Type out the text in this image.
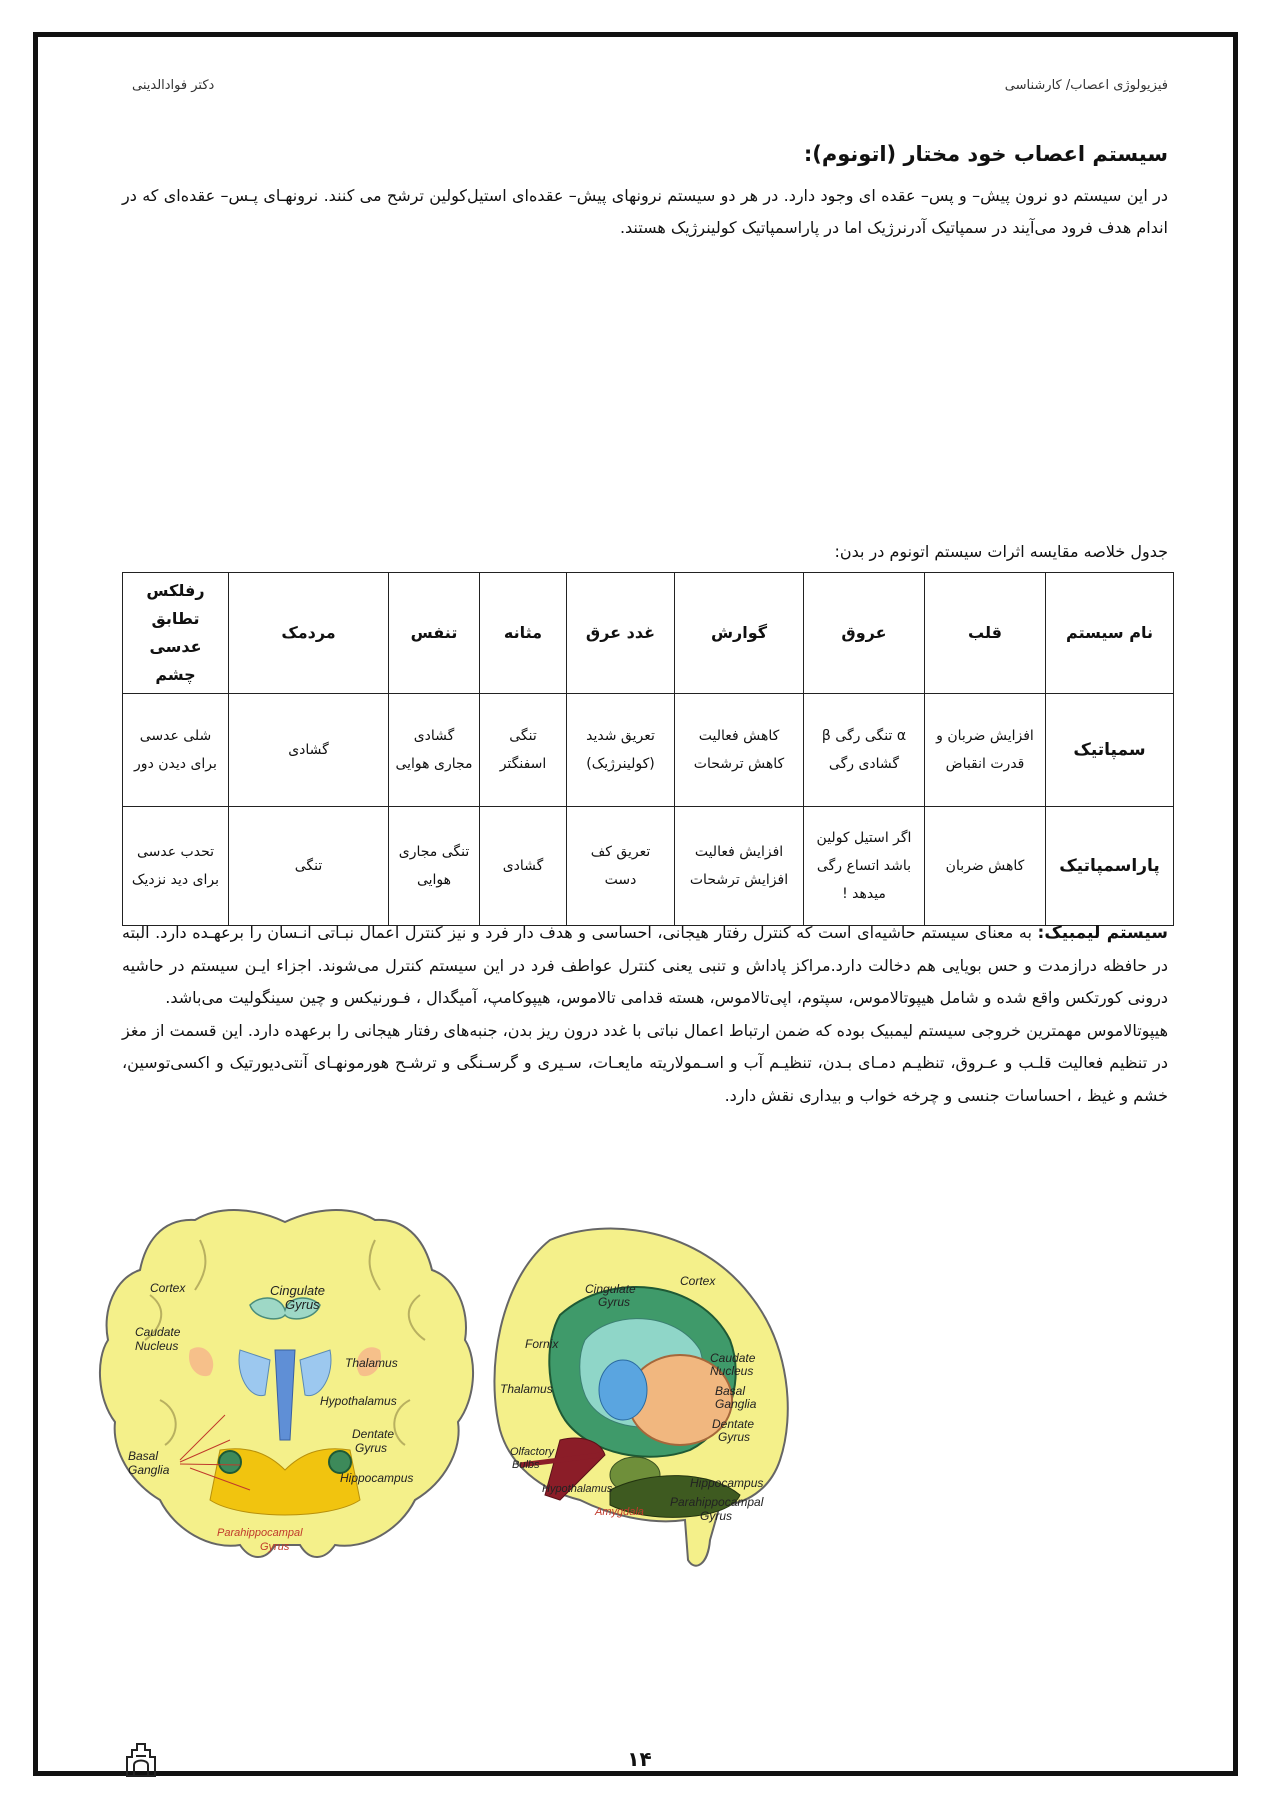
فیزیولوژی اعصاب/ کارشناسی
دکتر فوادالدینی
سیستم اعصاب خود مختار (اتونوم):
در این سیستم دو نرون پیش– و پس– عقده ای وجود دارد. در هر دو سیستم نرونهای پیش– عقده‌ای استیل‌کولین ترشح می کنند. نرونهـای پـس– عقده‌ای که در اندام هدف فرود می‌آیند در سمپاتیک آدرنرژیک اما در پاراسمپاتیک کولینرژیک هستند.
جدول خلاصه مقایسه اثرات سیستم اتونوم در بدن:
نام سیستم	قلب	عروق	گوارش	غدد عرق	مثانه	تنفس	مردمک	رفلکس تطابق عدسی چشم
سمپاتیک	افزایش ضربان و قدرت انقباض	α تنگی رگی β گشادی رگی	کاهش فعالیت کاهش ترشحات	تعریق شدید (کولینرژیک)	تنگی اسفنگتر	گشادی مجاری هوایی	گشادی	شلی عدسی برای دیدن دور
پاراسمپاتیک	کاهش ضربان	اگر استیل کولین باشد اتساع رگی میدهد !	افزایش فعالیت افزایش ترشحات	تعریق کف دست	گشادی	تنگی مجاری هوایی	تنگی	تحدب عدسی برای دید نزدیک
سیستم لیمبیک: به معنای سیستم حاشیه‌ای است که کنترل رفتار هیجانی، احساسی و هدف دار فرد و نیز کنترل اعمال نبـاتی انـسان را برعهـده دارد. البته در حافظه درازمدت و حس بویایی هم دخالت دارد.مراکز پاداش و تنبی یعنی کنترل عواطف فرد در این سیستم کنترل می‌شوند. اجزاء ایـن سیستم در حاشیه درونی کورتکس واقع شده و شامل هیپوتالاموس، سپتوم، اپی‌تالاموس، هسته قدامی تالاموس، هیپوکامپ، آمیگدال ، فـورنیکس و چین سینگولیت می‌باشد.
هیپوتالاموس مهمترین خروجی سیستم لیمبیک بوده که ضمن ارتباط اعمال نباتی با غدد درون ریز بدن، جنبه‌های رفتار هیجانی را برعهده دارد. این قسمت از مغز در تنظیم فعالیت قلـب و عـروق، تنظیـم دمـای بـدن، تنظیـم آب و اسـمولاریته مایعـات، سـیری و گرسـنگی و ترشـح هورمونهـای آنتی‌دیورتیک و اکسی‌توسین، خشم و غیظ ، احساسات جنسی و چرخه خواب و بیداری نقش دارد.
Cortex	Cingulate
Gyrus
Caudate
Nucleus
Thalamus
Hypothalamus
Dentate
Gyrus
Basal
Ganglia
Hippocampus
Parahippocampal
Gyrus
Cortex
Cingulate
Gyrus
Fornix
Caudate
Nucleus
Thalamus	Basal
Ganglia
Dentate
Gyrus
Olfactory
Bulbs
Hypothalamus
Amygdala
Hippocampus
Parahippocampal
Gyrus
۱۴
